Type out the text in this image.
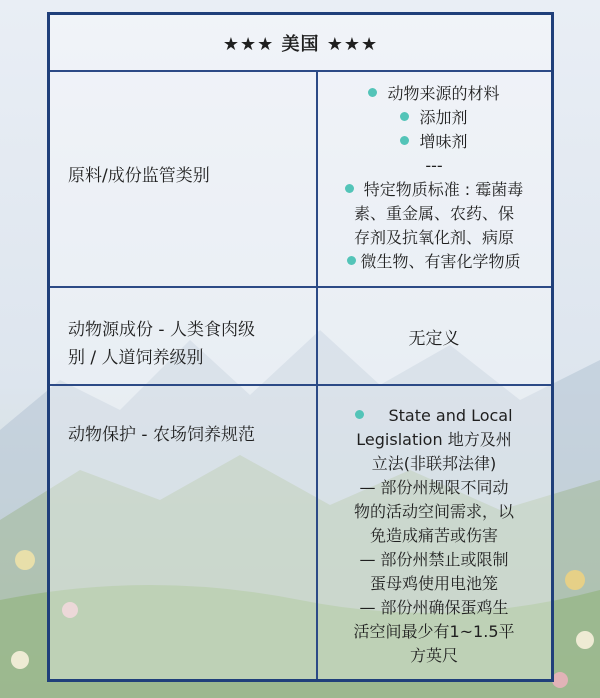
★★★ 美国 ★★★
原料/成份监管类别
动物来源的材料
添加剂
增味剂
---
特定物质标准 : 霉菌毒
素、重金属、农药、保
存剂及抗氧化剂、病原
微生物、有害化学物质
动物源成份 - 人类食肉级
别 / 人道饲养级别
无定义
动物保护 - 农场饲养规范
State and Local
Legislation 地方及州
立法(非联邦法律)
— 部份州规限不同动
物的活动空间需求，以
免造成痛苦或伤害
— 部份州禁止或限制
蛋母鸡使用电池笼
— 部份州确保蛋鸡生
活空间最少有1~1.5平
方英尺
